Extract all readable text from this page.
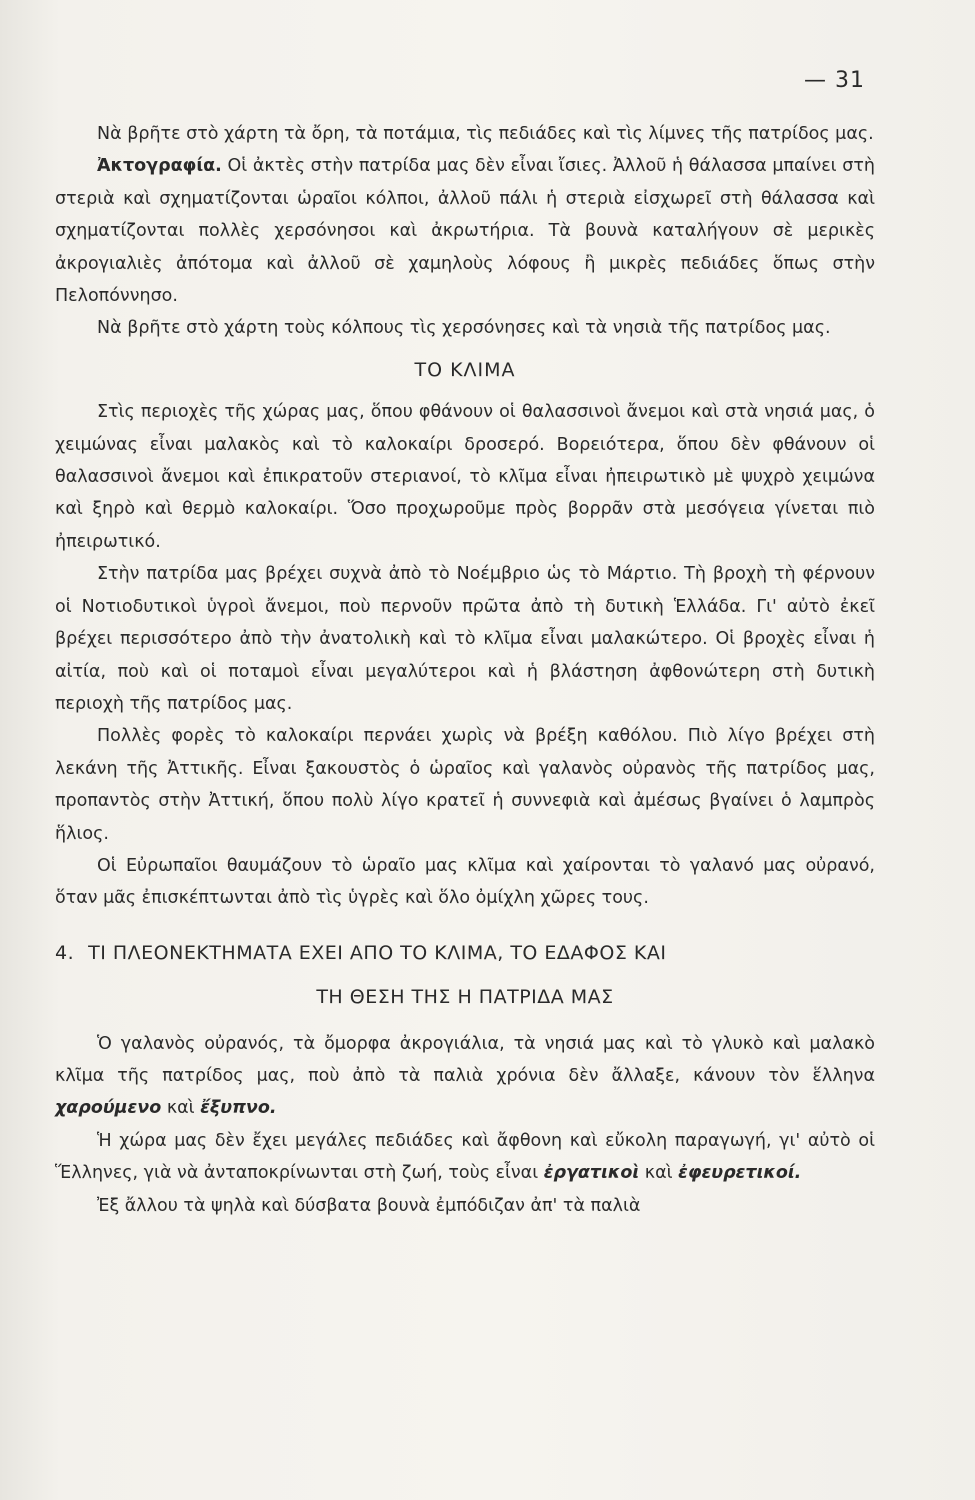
— 31

Νὰ βρῆτε στὸ χάρτη τὰ ὄρη, τὰ ποτάμια, τὶς πεδιάδες καὶ τὶς λίμνες τῆς πατρίδος μας.

Ἀκτογραφία. Οἱ ἀκτὲς στὴν πατρίδα μας δὲν εἶναι ἴσιες. Ἀλλοῦ ἡ θάλασσα μπαίνει στὴ στεριὰ καὶ σχηματίζονται ὡραῖοι κόλποι, ἀλλοῦ πάλι ἡ στεριὰ εἰσχωρεῖ στὴ θάλασσα καὶ σχηματίζονται πολλὲς χερσόνησοι καὶ ἀκρωτήρια. Τὰ βουνὰ καταλήγουν σὲ μερικὲς ἀκρογιαλιὲς ἀπότομα καὶ ἀλλοῦ σὲ χαμηλοὺς λόφους ἢ μικρὲς πεδιάδες ὅπως στὴν Πελοπόννησο.

Νὰ βρῆτε στὸ χάρτη τοὺς κόλπους τὶς χερσόνησες καὶ τὰ νησιὰ τῆς πατρίδος μας.

ΤΟ ΚΛΙΜΑ

Στὶς περιοχὲς τῆς χώρας μας, ὅπου φθάνουν οἱ θαλασσινοὶ ἄνεμοι καὶ στὰ νησιά μας, ὁ χειμώνας εἶναι μαλακὸς καὶ τὸ καλοκαίρι δροσερό. Βορειότερα, ὅπου δὲν φθάνουν οἱ θαλασσινοὶ ἄνεμοι καὶ ἐπικρατοῦν στεριανοί, τὸ κλῖμα εἶναι ἠπειρωτικὸ μὲ ψυχρὸ χειμώνα καὶ ξηρὸ καὶ θερμὸ καλοκαίρι. Ὅσο προχωροῦμε πρὸς βορρᾶν στὰ μεσόγεια γίνεται πιὸ ἠπειρωτικό.

Στὴν πατρίδα μας βρέχει συχνὰ ἀπὸ τὸ Νοέμβριο ὡς τὸ Μάρτιο. Τὴ βροχὴ τὴ φέρνουν οἱ Νοτιοδυτικοὶ ὑγροὶ ἄνεμοι, ποὺ περνοῦν πρῶτα ἀπὸ τὴ δυτικὴ Ἑλλάδα. Γι' αὐτὸ ἐκεῖ βρέχει περισσότερο ἀπὸ τὴν ἀνατολικὴ καὶ τὸ κλῖμα εἶναι μαλακώτερο. Οἱ βροχὲς εἶναι ἡ αἰτία, ποὺ καὶ οἱ ποταμοὶ εἶναι μεγαλύτεροι καὶ ἡ βλάστηση ἀφθονώτερη στὴ δυτικὴ περιοχὴ τῆς πατρίδος μας.

Πολλὲς φορὲς τὸ καλοκαίρι περνάει χωρὶς νὰ βρέξη καθόλου. Πιὸ λίγο βρέχει στὴ λεκάνη τῆς Ἀττικῆς. Εἶναι ξακουστὸς ὁ ὡραῖος καὶ γαλανὸς οὐρανὸς τῆς πατρίδος μας, προπαντὸς στὴν Ἀττική, ὅπου πολὺ λίγο κρατεῖ ἡ συννεφιὰ καὶ ἀμέσως βγαίνει ὁ λαμπρὸς ἥλιος.

Οἱ Εὐρωπαῖοι θαυμάζουν τὸ ὡραῖο μας κλῖμα καὶ χαίρονται τὸ γαλανό μας οὐρανό, ὅταν μᾶς ἐπισκέπτωνται ἀπὸ τὶς ὑγρὲς καὶ ὅλο ὀμίχλη χῶρες τους.

4. ΤΙ ΠΛΕΟΝΕΚΤΗΜΑΤΑ ΕΧΕΙ ΑΠΟ ΤΟ ΚΛΙΜΑ, ΤΟ ΕΔΑΦΟΣ ΚΑΙ
ΤΗ ΘΕΣΗ ΤΗΣ Η ΠΑΤΡΙΔΑ ΜΑΣ

Ὁ γαλανὸς οὐρανός, τὰ ὄμορφα ἀκρογιάλια, τὰ νησιά μας καὶ τὸ γλυκὸ καὶ μαλακὸ κλῖμα τῆς πατρίδος μας, ποὺ ἀπὸ τὰ παλιὰ χρόνια δὲν ἄλλαξε, κάνουν τὸν ἕλληνα χαρούμενο καὶ ἔξυπνο.

Ἡ χώρα μας δὲν ἔχει μεγάλες πεδιάδες καὶ ἄφθονη καὶ εὔκολη παραγωγή, γι' αὐτὸ οἱ Ἕλληνες, γιὰ νὰ ἀνταποκρίνωνται στὴ ζωή, τοὺς εἶναι ἐργατικοὶ καὶ ἐφευρετικοί.

Ἐξ ἄλλου τὰ ψηλὰ καὶ δύσβατα βουνὰ ἐμπόδιζαν ἀπ' τὰ παλιὰ
